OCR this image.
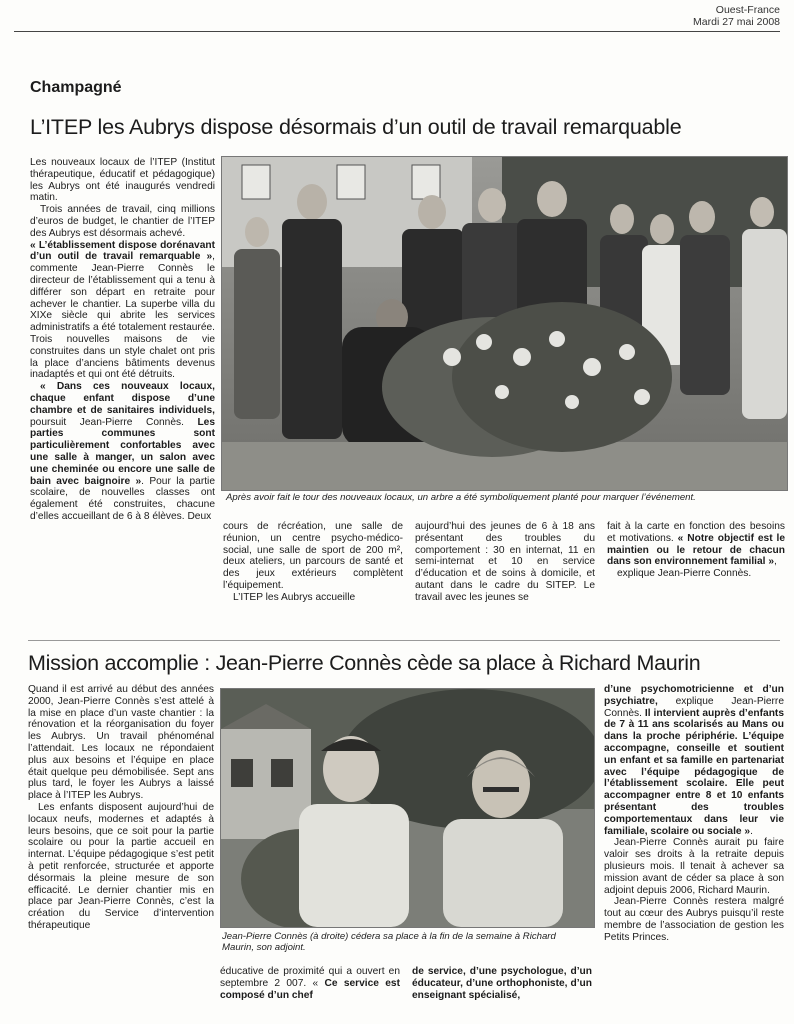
Ouest-France
Mardi 27 mai 2008
Champagné
L’ITEP les Aubrys dispose désormais d’un outil de travail remarquable

Les nouveaux locaux de l’ITEP (Institut thérapeutique, éducatif et pédagogique) les Aubrys ont été inaugurés vendredi matin.

Trois années de travail, cinq millions d’euros de budget, le chantier de l’ITEP des Aubrys est désormais achevé.

« L’établissement dispose dorénavant d’un outil de travail remarquable », commente Jean-Pierre Connès le directeur de l’établissement qui a tenu à différer son départ en retraite pour achever le chantier. La superbe villa du XIXe siècle qui abrite les services administratifs a été totalement restaurée. Trois nouvelles maisons de vie construites dans un style chalet ont pris la place d’anciens bâtiments devenus inadaptés et qui ont été détruits.

« Dans ces nouveaux locaux, chaque enfant dispose d’une chambre et de sanitaires individuels, poursuit Jean-Pierre Connès. Les parties communes sont particulièrement confortables avec une salle à manger, un salon avec une cheminée ou encore une salle de bain avec baignoire ». Pour la partie scolaire, de nouvelles classes ont également été construites, chacune d’elles accueillant de 6 à 8 élèves. Deux

Après avoir fait le tour des nouveaux locaux, un arbre a été symboliquement planté pour marquer l’événement.

cours de récréation, une salle de réunion, un centre psycho-médico-social, une salle de sport de 200 m², deux ateliers, un parcours de santé et des jeux extérieurs complètent l’équipement.

L’ITEP les Aubrys accueille

aujourd’hui des jeunes de 6 à 18 ans présentant des troubles du comportement : 30 en internat, 11 en semi-internat et 10 en service d’éducation et de soins à domicile, et autant dans le cadre du SITEP. Le travail avec les jeunes se

fait à la carte en fonction des besoins et motivations. « Notre objectif est le maintien ou le retour de chacun dans son environnement familial »,

explique Jean-Pierre Connès.

Mission accomplie : Jean-Pierre Connès cède sa place à Richard Maurin

Quand il est arrivé au début des années 2000, Jean-Pierre Connès s’est attelé à la mise en place d’un vaste chantier : la rénovation et la réorganisation du foyer les Aubrys. Un travail phénoménal l’attendait. Les locaux ne répondaient plus aux besoins et l’équipe en place était quelque peu démobilisée. Sept ans plus tard, le foyer les Aubrys a laissé place à l’ITEP les Aubrys.

Les enfants disposent aujourd’hui de locaux neufs, modernes et adaptés à leurs besoins, que ce soit pour la partie scolaire ou pour la partie accueil en internat. L’équipe pédagogique s’est petit à petit renforcée, structurée et apporte désormais la pleine mesure de son efficacité. Le dernier chantier mis en place par Jean-Pierre Connès, c’est la création du Service d’intervention thérapeutique

Jean-Pierre Connès (à droite) cédera sa place à la fin de la semaine à Richard Maurin, son adjoint.

éducative de proximité qui a ouvert en septembre 2 007. « Ce service est composé d’un chef

de service, d’une psychologue, d’un éducateur, d’une orthophoniste, d’un enseignant spécialisé,

d’une psychomotricienne et d’un psychiatre, explique Jean-Pierre Connès. Il intervient auprès d’enfants de 7 à 11 ans scolarisés au Mans ou dans la proche périphérie. L’équipe accompagne, conseille et soutient un enfant et sa famille en partenariat avec l’équipe pédagogique de l’établissement scolaire. Elle peut accompagner entre 8 et 10 enfants présentant des troubles comportementaux dans leur vie familiale, scolaire ou sociale ».

Jean-Pierre Connès aurait pu faire valoir ses droits à la retraite depuis plusieurs mois. Il tenait à achever sa mission avant de céder sa place à son adjoint depuis 2006, Richard Maurin.

Jean-Pierre Connès restera malgré tout au cœur des Aubrys puisqu’il reste membre de l’association de gestion les Petits Princes.
